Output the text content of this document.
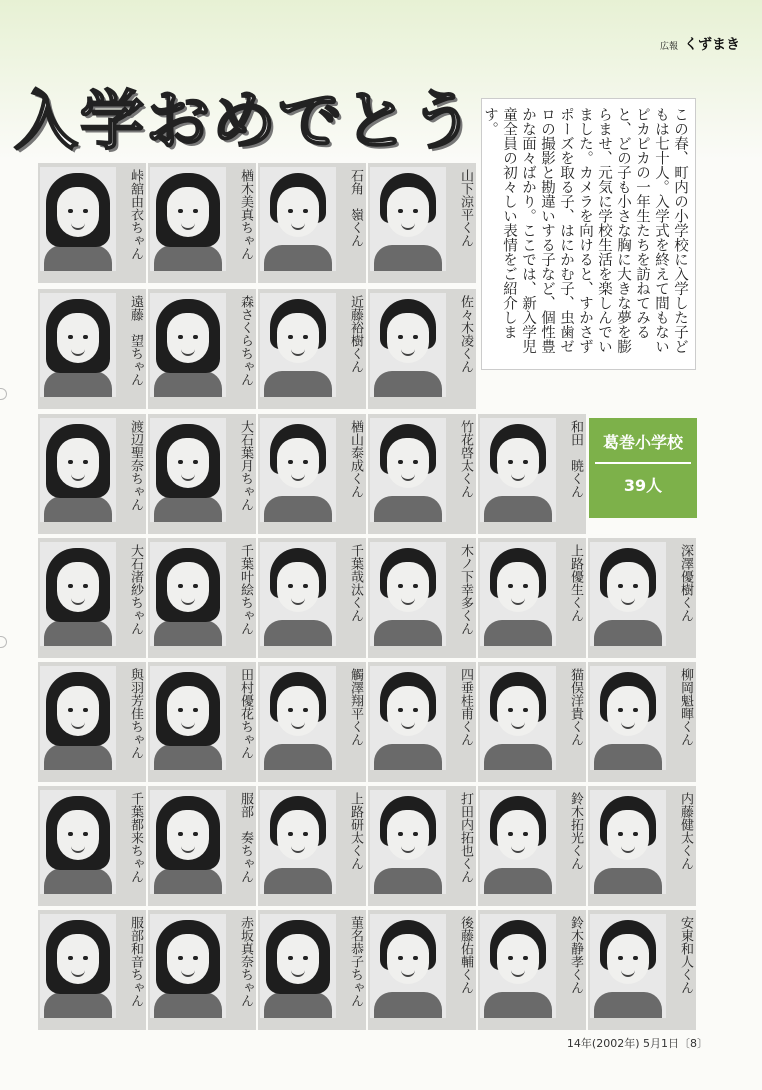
広報 くずまき
入学おめでとう	この春、町内の小学校に入学した子どもは七十人。入学式を終えて間もないピカピカの一年生たちを訪ねてみると、どの子も小さな胸に大きな夢を膨らませ、元気に学校生活を楽しんでいました。カメラを向けると、すかさずポーズを取る子、はにかむ子、虫歯ゼロの撮影と勘違いする子など、個性豊かな面々ばかり。ここでは、新入学児童全員の初々しい表情をご紹介します。
葛巻小学校
39人
峠舘由衣ちゃん	楢木美真ちゃん	石角　嶺くん	山下涼平くん
遠藤　望ちゃん	森さくらちゃん	近藤裕樹くん	佐々木凌くん
渡辺聖奈ちゃん	大石葉月ちゃん	楢山泰成くん	竹花啓太くん	和田　暁くん
大石渚紗ちゃん	千葉叶絵ちゃん	千葉哉汰くん	木ノ下幸多くん	上路優生くん	深澤優樹くん
與羽芳佳ちゃん	田村優花ちゃん	觸澤翔平くん	四垂桂甫くん	猫俣洋貴くん	柳岡魁暉くん
千葉都来ちゃん	服部　奏ちゃん	上路研太くん	打田内拓也くん	鈴木拓光くん	内藤健太くん
服部和音ちゃん	赤坂真奈ちゃん	菫名恭子ちゃん	後藤佑輔くん	鈴木静孝くん	安東和人くん
14年(2002年) 5月1日〔8〕
